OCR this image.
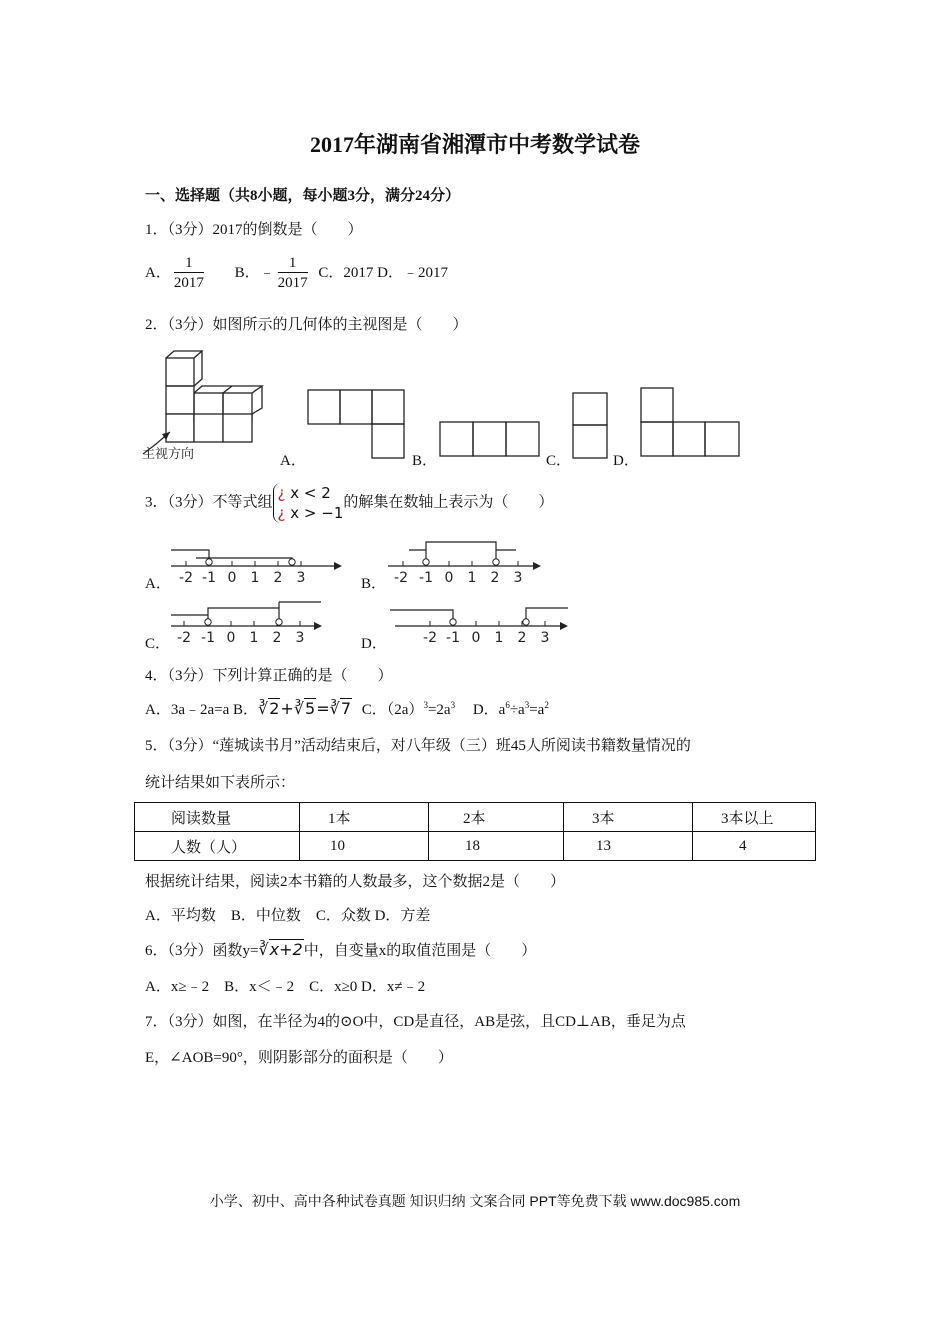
2017年湖南省湘潭市中考数学试卷
一、选择题（共8小题，每小题3分，满分24分）
1．（3分）2017的倒数是（　　）
A． $\frac{1}{2017}$ B．﹣ $\frac{1}{2017}$ C．2017 D．﹣2017
2．（3分）如图所示的几何体的主视图是（　　）
主视方向	A．	B．	C．	D．
3．（3分）不等式组¿ x < 2
¿ x > −1的解集在数轴上表示为（　　）
-2 -1 0 1 2 3
A．	-2 -1 0 1 2 3
B．
-2 -1 0 1 2 3
C．	-2 -1 0 1 2 3
D．
4．（3分）下列计算正确的是（　　）
A．3a﹣2a=a B．∛2+∛5=∛7 C．$(2a)^3=2a^3$ D．$a^6\div a^3=a^2$
5．（3分）“莲城读书月”活动结束后，对八年级（三）班45人所阅读书籍数量情况的
统计结果如下表所示：
阅读数量	1本	2本	3本	3本以上
人数（人）	10	18	13	4
根据统计结果，阅读2本书籍的人数最多，这个数据2是（　　）
A．平均数　B．中位数　C．众数 D．方差
6．（3分）函数y=∛x+2中，自变量x的取值范围是（　　）
A．x≥﹣2　B．x＜﹣2　C．x≥0 D．x≠﹣2
7．（3分）如图，在半径为4的⊙O中，CD是直径，AB是弦，且CD⊥AB，垂足为点
E，∠AOB=90°，则阴影部分的面积是（　　）
小学、初中、高中各种试卷真题 知识归纳 文案合同 PPT等免费下载 www.doc985.com
